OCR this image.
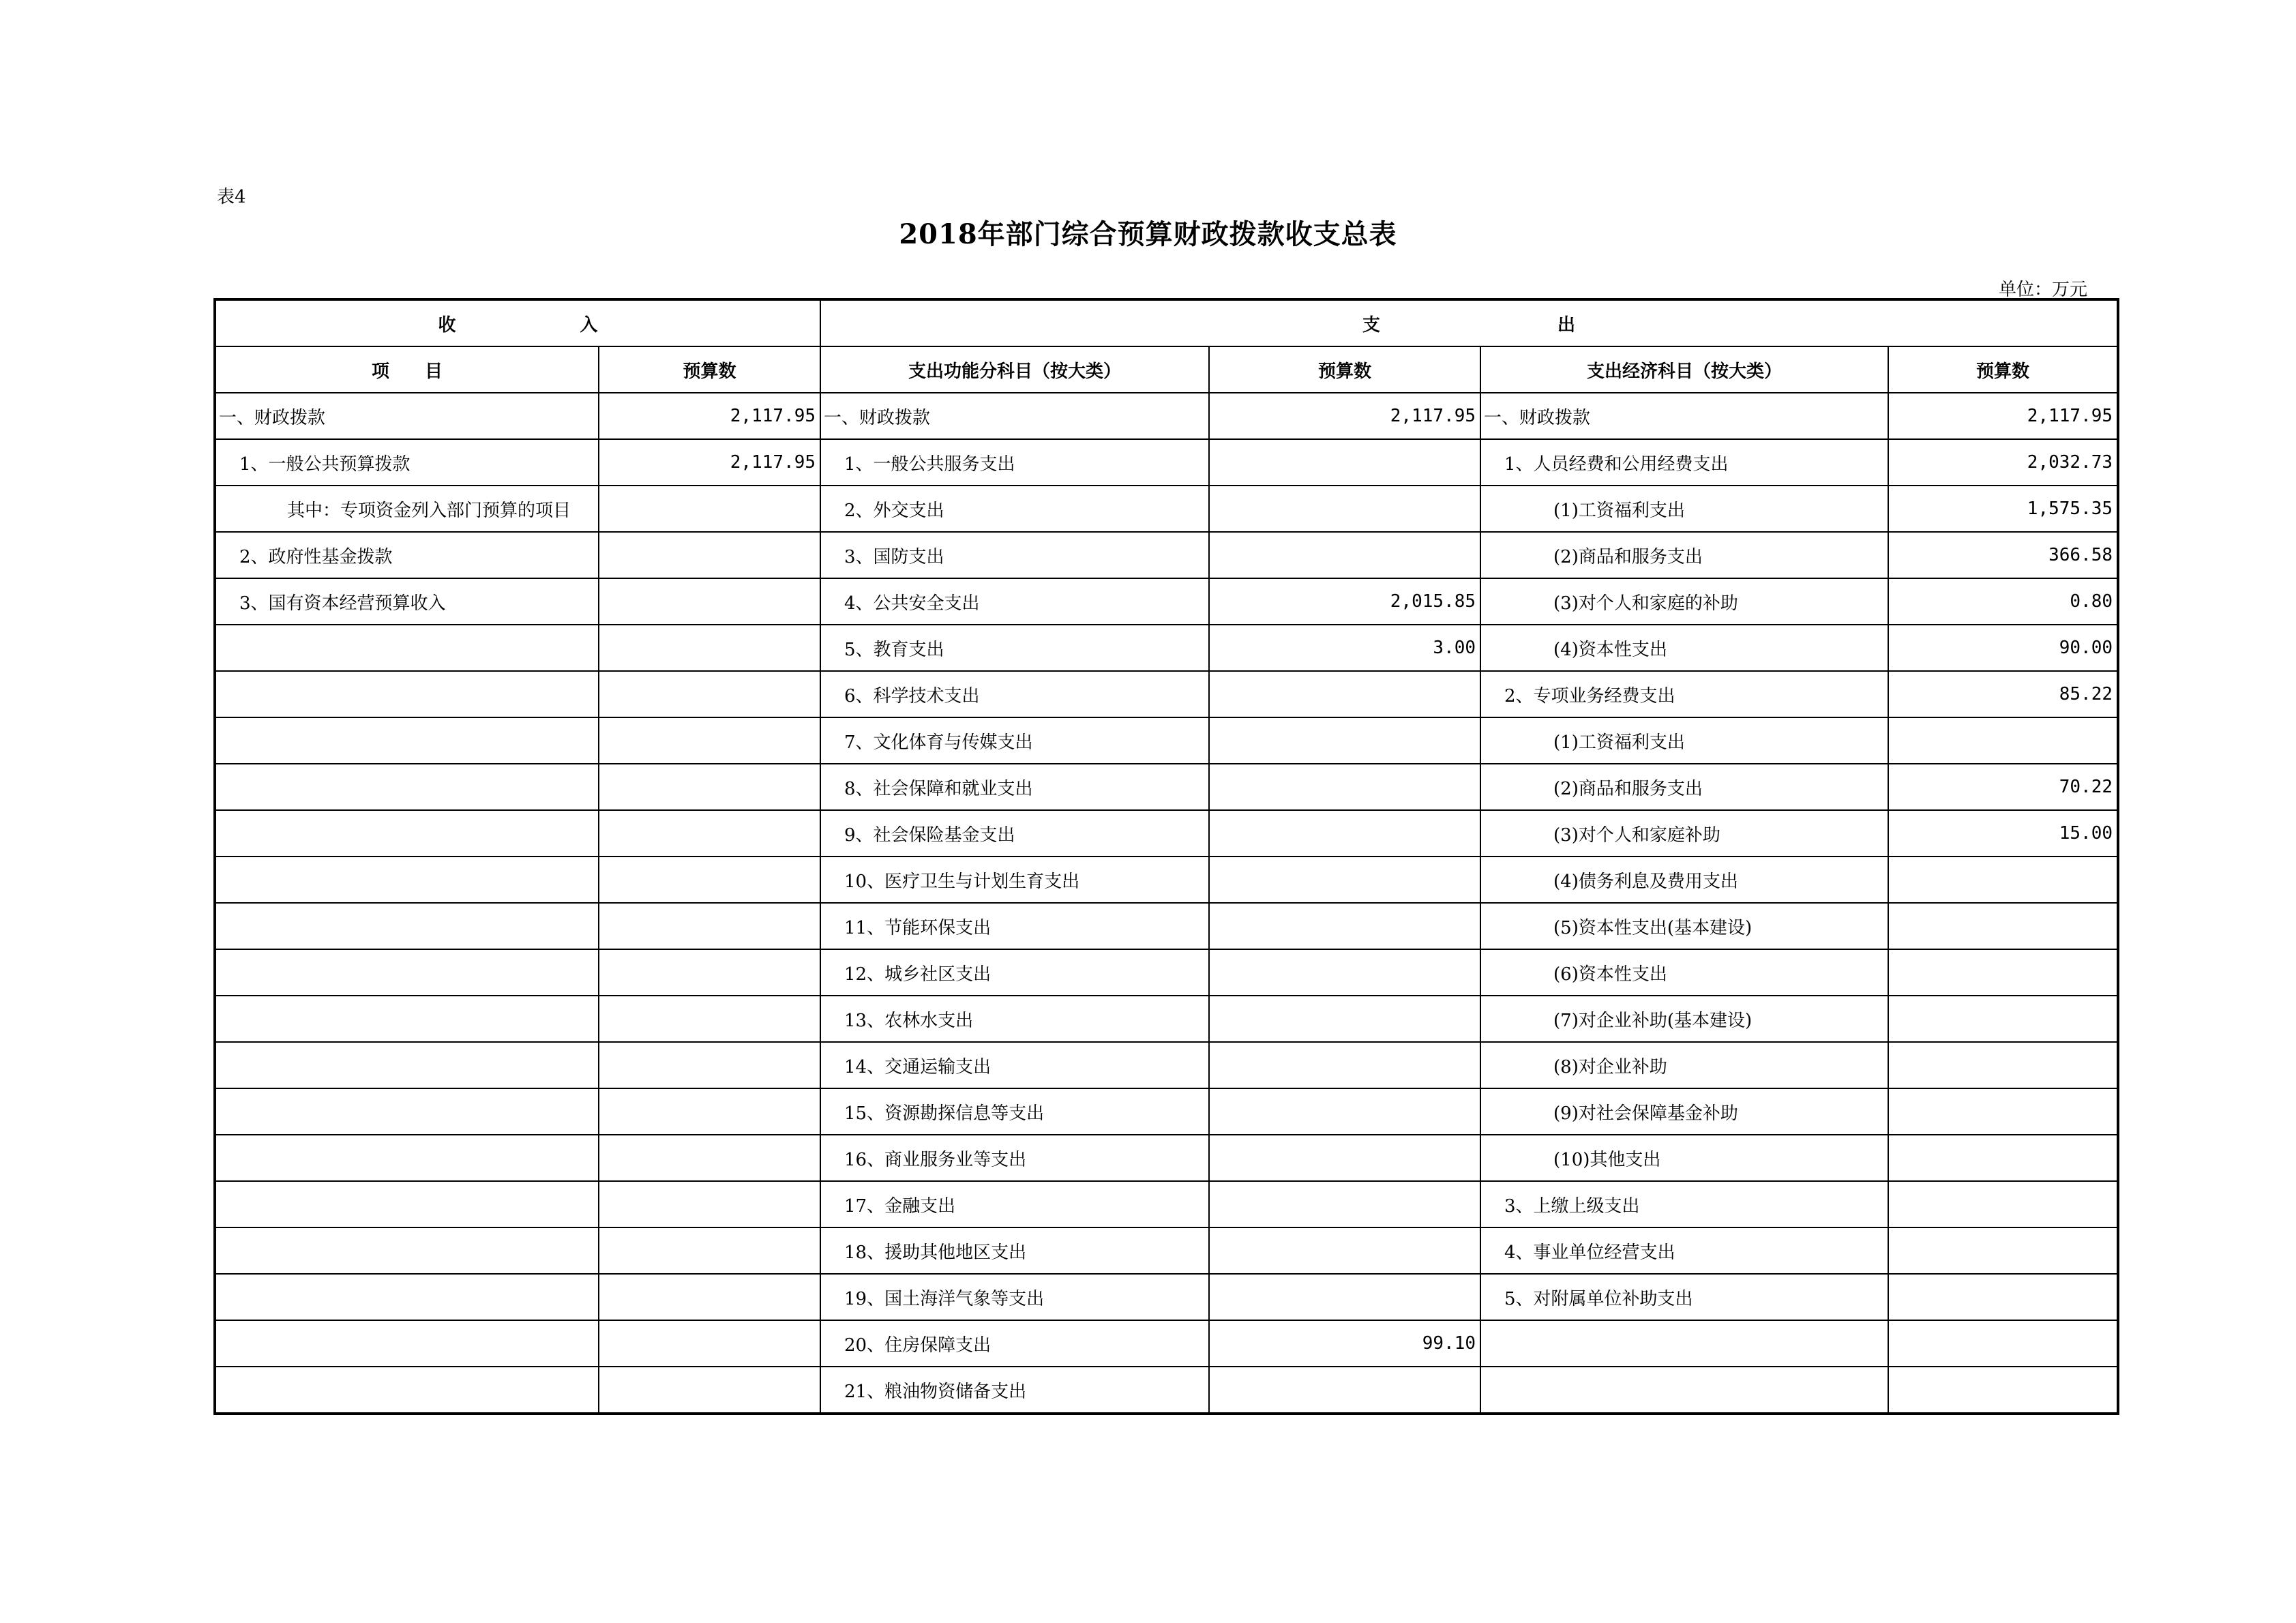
表4
2018年部门综合预算财政拨款收支总表
单位：万元
收　　　　　　　入		支　　　　　　　　　　出			
项　　目	预算数	支出功能分科目（按大类）	预算数	支出经济科目（按大类）	预算数
一、财政拨款	2,117.95	一、财政拨款	2,117.95	一、财政拨款	2,117.95
1、一般公共预算拨款	2,117.95	1、一般公共服务支出		1、人员经费和公用经费支出	2,032.73
其中：专项资金列入部门预算的项目		2、外交支出		(1)工资福利支出	1,575.35
2、政府性基金拨款		3、国防支出		(2)商品和服务支出	366.58
3、国有资本经营预算收入		4、公共安全支出	2,015.85	(3)对个人和家庭的补助	0.80
		5、教育支出	3.00	(4)资本性支出	90.00
		6、科学技术支出		2、专项业务经费支出	85.22
		7、文化体育与传媒支出		(1)工资福利支出	
		8、社会保障和就业支出		(2)商品和服务支出	70.22
		9、社会保险基金支出		(3)对个人和家庭补助	15.00
		10、医疗卫生与计划生育支出		(4)债务利息及费用支出	
		11、节能环保支出		(5)资本性支出(基本建设)	
		12、城乡社区支出		(6)资本性支出	
		13、农林水支出		(7)对企业补助(基本建设)	
		14、交通运输支出		(8)对企业补助	
		15、资源勘探信息等支出		(9)对社会保障基金补助	
		16、商业服务业等支出		(10)其他支出	
		17、金融支出		3、上缴上级支出	
		18、援助其他地区支出		4、事业单位经营支出	
		19、国土海洋气象等支出		5、对附属单位补助支出	
		20、住房保障支出	99.10		
		21、粮油物资储备支出			
